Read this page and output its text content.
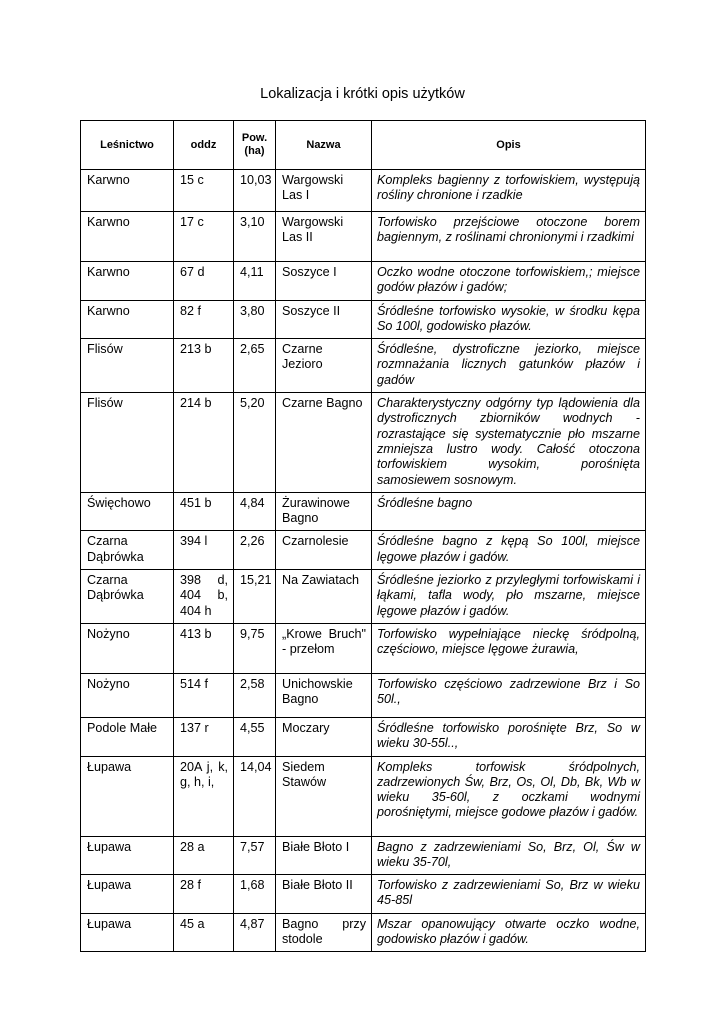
Lokalizacja i krótki opis użytków
Leśnictwo	oddz	Pow. (ha)	Nazwa	Opis
Karwno	15 c	10,03	Wargowski Las I	Kompleks bagienny z torfowiskiem, występują rośliny chronione i rzadkie
Karwno	17 c	3,10	Wargowski Las II	Torfowisko przejściowe otoczone borem bagiennym, z roślinami chronionymi i rzadkimi
Karwno	67 d	4,11	Soszyce I	Oczko wodne otoczone torfowiskiem,; miejsce godów płazów i gadów;
Karwno	82 f	3,80	Soszyce II	Śródleśne torfowisko wysokie, w środku kępa So 100l, godowisko płazów.
Flisów	213 b	2,65	Czarne Jezioro	Śródleśne, dystroficzne jeziorko, miejsce rozmnażania licznych gatunków płazów i gadów
Flisów	214 b	5,20	Czarne Bagno	Charakterystyczny odgórny typ lądowienia dla dystroficznych zbiorników wodnych - rozrastające się systematycznie pło mszarne zmniejsza lustro wody. Całość otoczona torfowiskiem wysokim, porośnięta samosiewem sosnowym.
Święchowo	451 b	4,84	Żurawinowe Bagno	Śródleśne bagno
Czarna Dąbrówka	394 l	2,26	Czarnolesie	Śródleśne bagno z kępą So 100l, miejsce lęgowe płazów i gadów.
Czarna Dąbrówka	398 d, 404 b, 404 h	15,21	Na Zawiatach	Śródleśne jeziorko z przyległymi torfowiskami i łąkami, tafla wody, pło mszarne, miejsce lęgowe płazów i gadów.
Nożyno	413 b	9,75	„Krowe Bruch" - przełom	Torfowisko wypełniające nieckę śródpolną, częściowo, miejsce lęgowe żurawia,
Nożyno	514 f	2,58	Unichowskie Bagno	Torfowisko częściowo zadrzewione Brz i So 50l.,
Podole Małe	137 r	4,55	Moczary	Śródleśne torfowisko porośnięte Brz, So w wieku 30-55l..,
Łupawa	20A j, k, g, h, i,	14,04	Siedem Stawów	Kompleks torfowisk śródpolnych, zadrzewionych Św, Brz, Os, Ol, Db, Bk, Wb w wieku 35-60l, z oczkami wodnymi porośniętymi, miejsce godowe płazów i gadów.
Łupawa	28 a	7,57	Białe Błoto I	Bagno z zadrzewieniami So, Brz, Ol, Św w wieku 35-70l,
Łupawa	28 f	1,68	Białe Błoto II	Torfowisko z zadrzewieniami So, Brz w wieku 45-85l
Łupawa	45 a	4,87	Bagno przy stodole	Mszar opanowujący otwarte oczko wodne, godowisko płazów i gadów.
